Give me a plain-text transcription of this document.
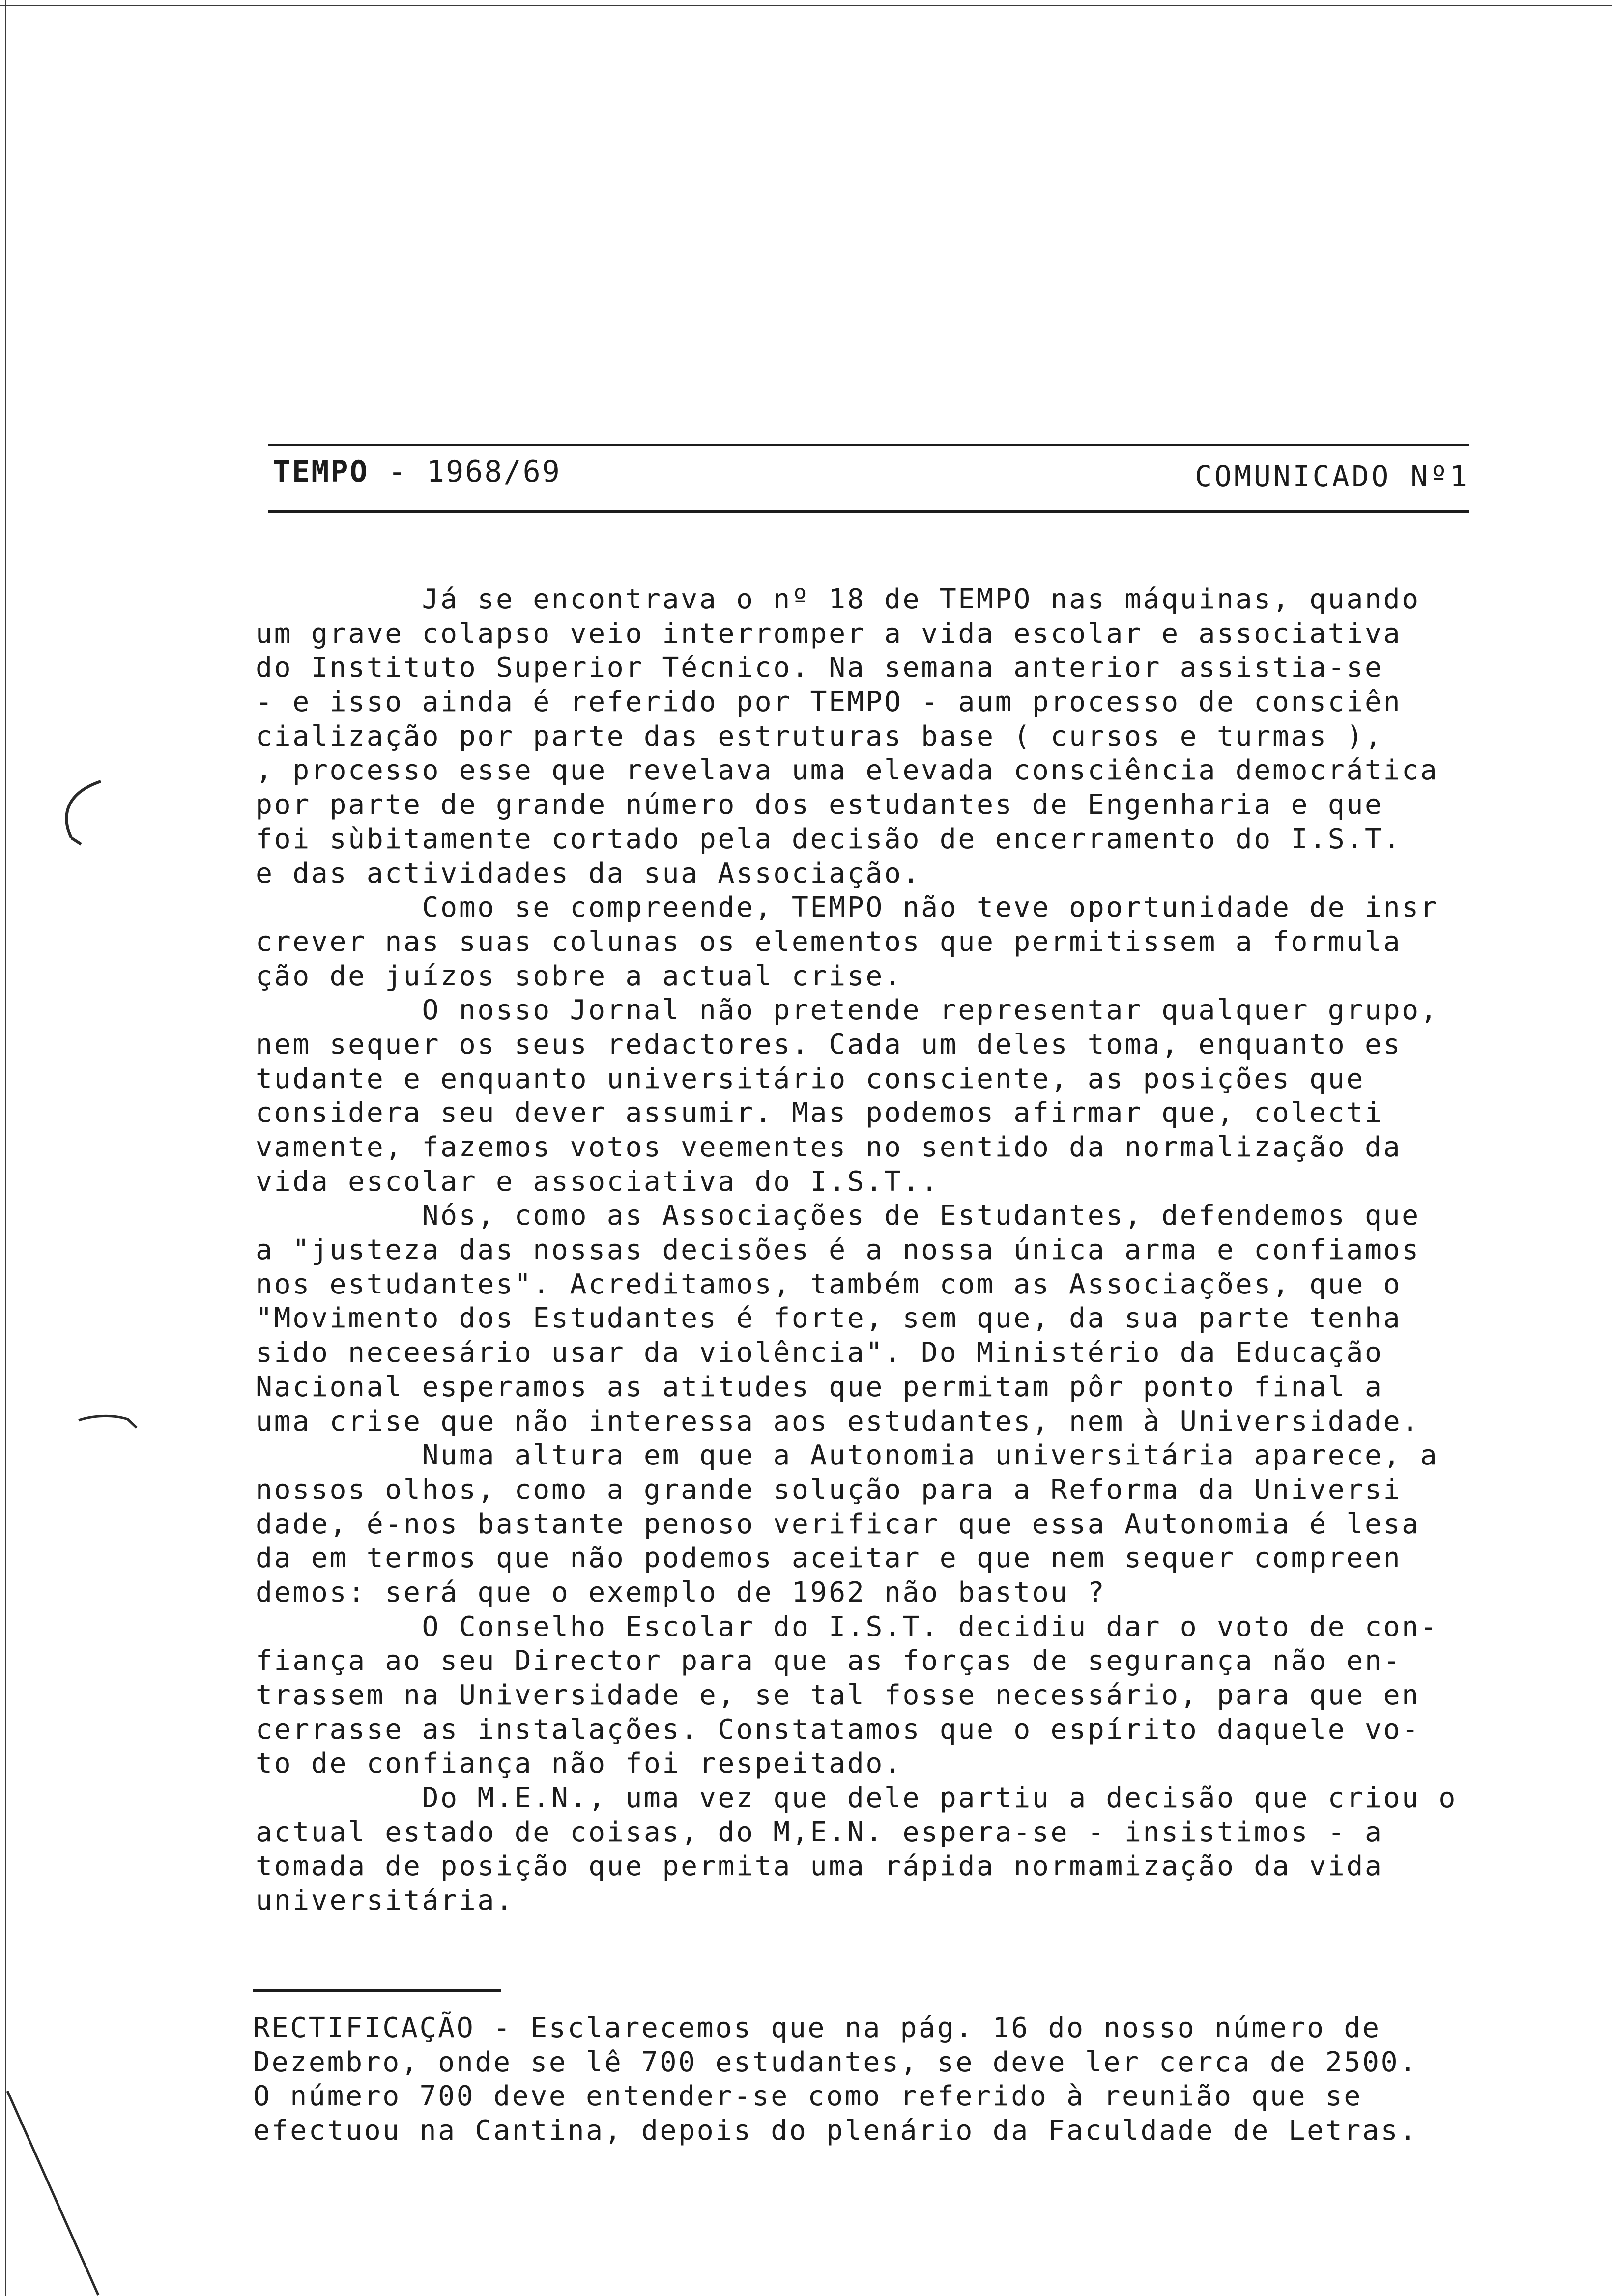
TEMPO - 1968/69	COMUNICADO Nº1
Já se encontrava o nº 18 de TEMPO nas máquinas, quando
um grave colapso veio interromper a vida escolar e associativa
do Instituto Superior Técnico. Na semana anterior assistia-se
- e isso ainda é referido por TEMPO - aum processo de consciên
cialização por parte das estruturas base ( cursos e turmas ),
, processo esse que revelava uma elevada consciência democrática
por parte de grande número dos estudantes de Engenharia e que
foi sùbitamente cortado pela decisão de encerramento do I.S.T.
e das actividades da sua Associação.
Como se compreende, TEMPO não teve oportunidade de insr
crever nas suas colunas os elementos que permitissem a formula
ção de juízos sobre a actual crise.
O nosso Jornal não pretende representar qualquer grupo,
nem sequer os seus redactores. Cada um deles toma, enquanto es
tudante e enquanto universitário consciente, as posições que
considera seu dever assumir. Mas podemos afirmar que, colecti
vamente, fazemos votos veementes no sentido da normalização da
vida escolar e associativa do I.S.T..
Nós, como as Associações de Estudantes, defendemos que
a "justeza das nossas decisões é a nossa única arma e confiamos
nos estudantes". Acreditamos, também com as Associações, que o
"Movimento dos Estudantes é forte, sem que, da sua parte tenha
sido neceesário usar da violência". Do Ministério da Educação
Nacional esperamos as atitudes que permitam pôr ponto final a
uma crise que não interessa aos estudantes, nem à Universidade.
Numa altura em que a Autonomia universitária aparece, a
nossos olhos, como a grande solução para a Reforma da Universi
dade, é-nos bastante penoso verificar que essa Autonomia é lesa
da em termos que não podemos aceitar e que nem sequer compreen
demos: será que o exemplo de 1962 não bastou ?
O Conselho Escolar do I.S.T. decidiu dar o voto de con-
fiança ao seu Director para que as forças de segurança não en-
trassem na Universidade e, se tal fosse necessário, para que en
cerrasse as instalações. Constatamos que o espírito daquele vo-
to de confiança não foi respeitado.
Do M.E.N., uma vez que dele partiu a decisão que criou o
actual estado de coisas, do M,E.N. espera-se - insistimos - a
tomada de posição que permita uma rápida normamização da vida
universitária.
RECTIFICAÇÃO - Esclarecemos que na pág. 16 do nosso número de
Dezembro, onde se lê 700 estudantes, se deve ler cerca de 2500.
O número 700 deve entender-se como referido à reunião que se
efectuou na Cantina, depois do plenário da Faculdade de Letras.
